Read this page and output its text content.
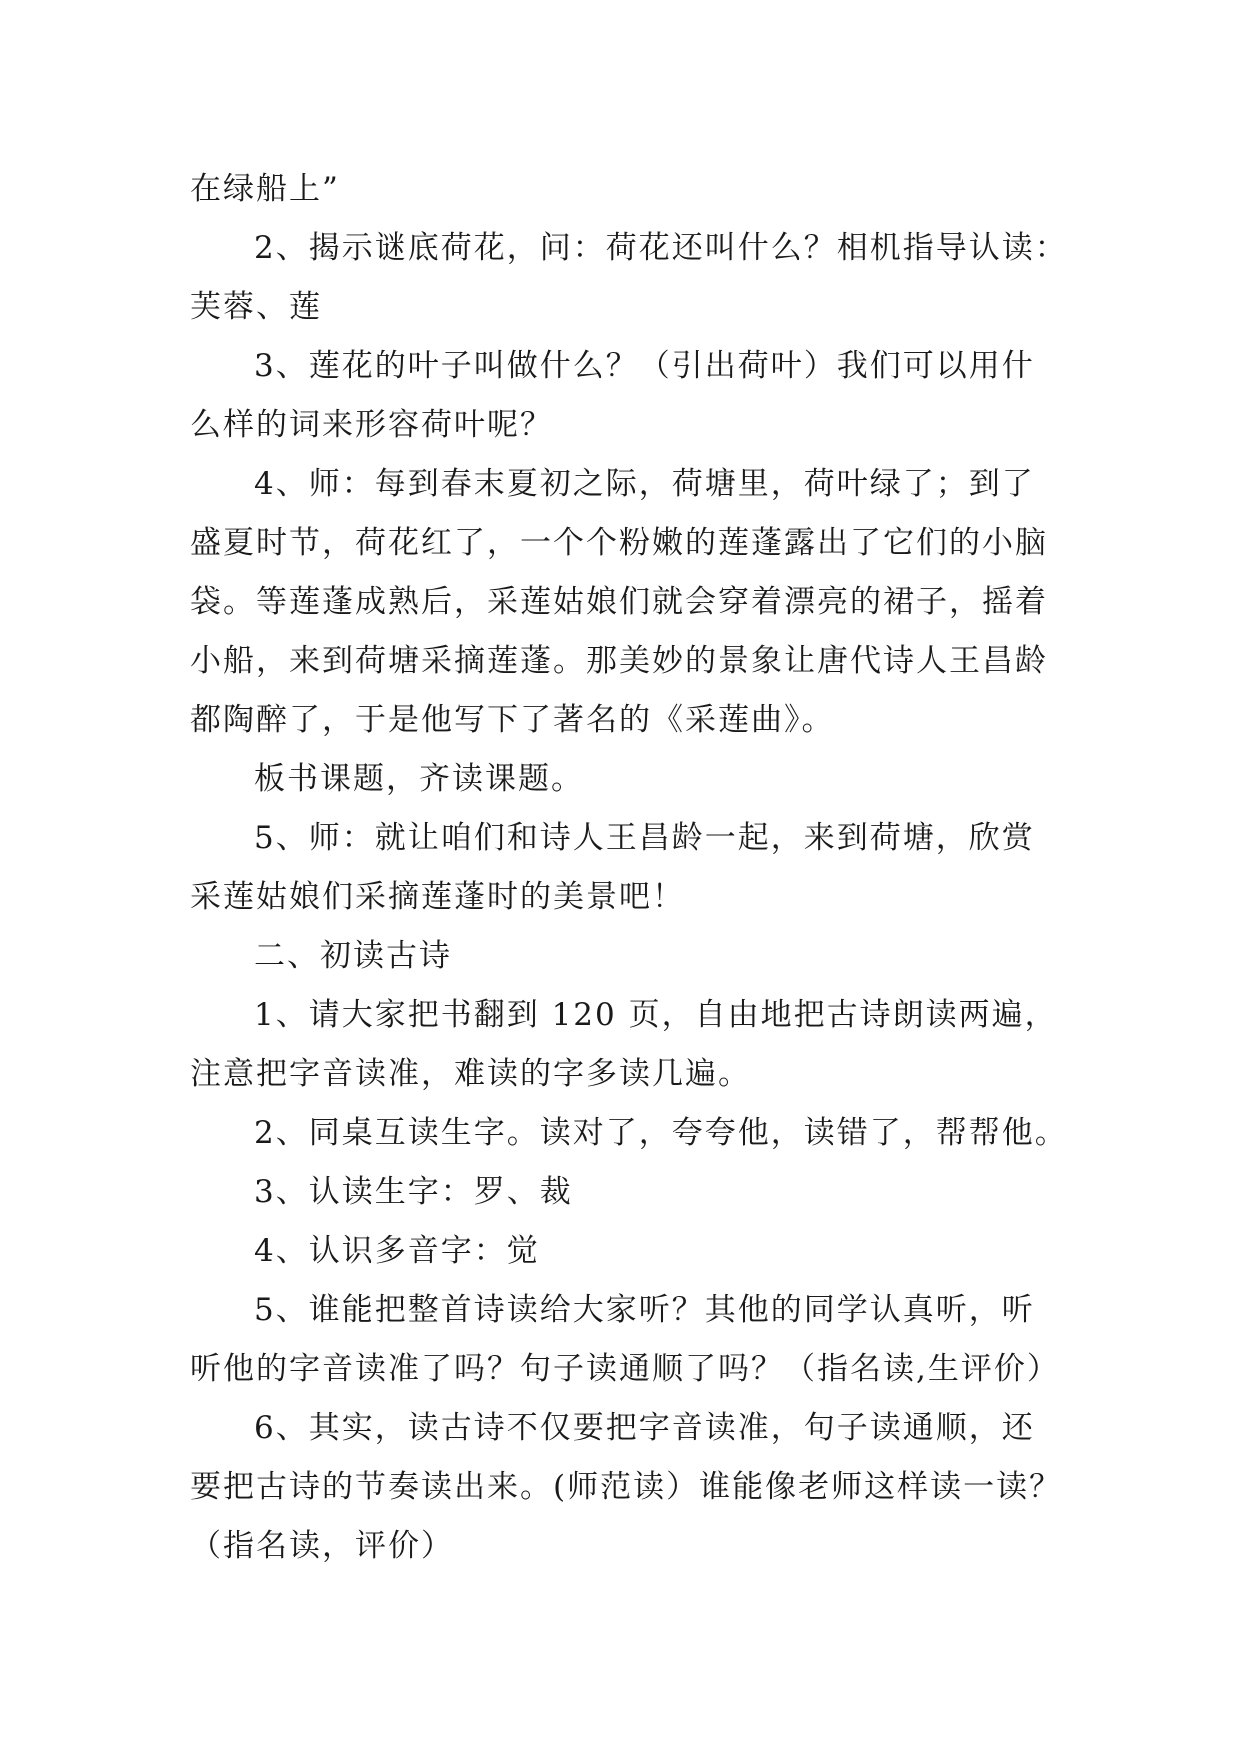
在绿船上”
2、揭示谜底荷花，问：荷花还叫什么？相机指导认读：
芙蓉、莲
3、莲花的叶子叫做什么？（引出荷叶）我们可以用什
么样的词来形容荷叶呢？
4、师：每到春末夏初之际，荷塘里，荷叶绿了；到了
盛夏时节，荷花红了，一个个粉嫩的莲蓬露出了它们的小脑
袋。等莲蓬成熟后，采莲姑娘们就会穿着漂亮的裙子，摇着
小船，来到荷塘采摘莲蓬。那美妙的景象让唐代诗人王昌龄
都陶醉了，于是他写下了著名的《采莲曲》。
板书课题，齐读课题。
5、师：就让咱们和诗人王昌龄一起，来到荷塘，欣赏
采莲姑娘们采摘莲蓬时的美景吧！
二、初读古诗
1、请大家把书翻到 120 页，自由地把古诗朗读两遍，
注意把字音读准，难读的字多读几遍。
2、同桌互读生字。读对了，夸夸他，读错了，帮帮他。
3、认读生字：罗、裁
4、认识多音字：觉
5、谁能把整首诗读给大家听？其他的同学认真听，听
听他的字音读准了吗？句子读通顺了吗？（指名读,生评价）
6、其实，读古诗不仅要把字音读准，句子读通顺，还
要把古诗的节奏读出来。(师范读）谁能像老师这样读一读？
（指名读，评价）
